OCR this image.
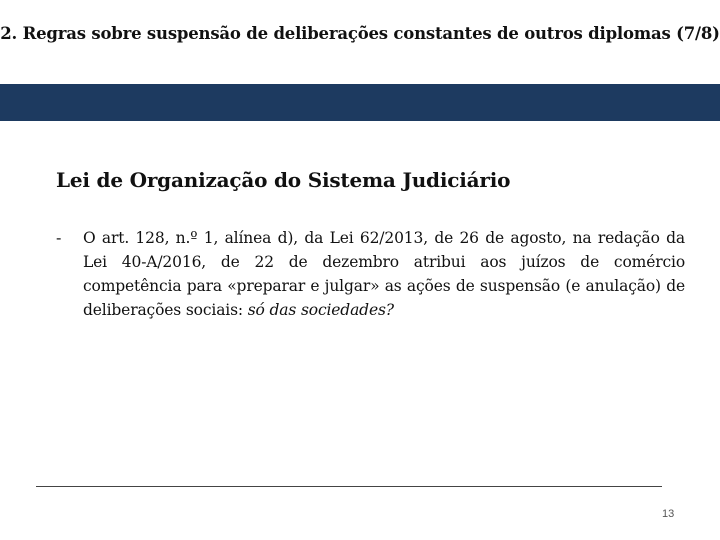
2. Regras sobre suspensão de deliberações constantes de outros diplomas (7/8)
Lei de Organização do Sistema Judiciário
- O art. 128, n.º 1, alínea d), da Lei 62/2013, de 26 de agosto, na redação da Lei 40-A/2016, de 22 de dezembro atribui aos juízos de comércio competência para «preparar e julgar» as ações de suspensão (e anulação) de deliberações sociais: só das sociedades?
13
